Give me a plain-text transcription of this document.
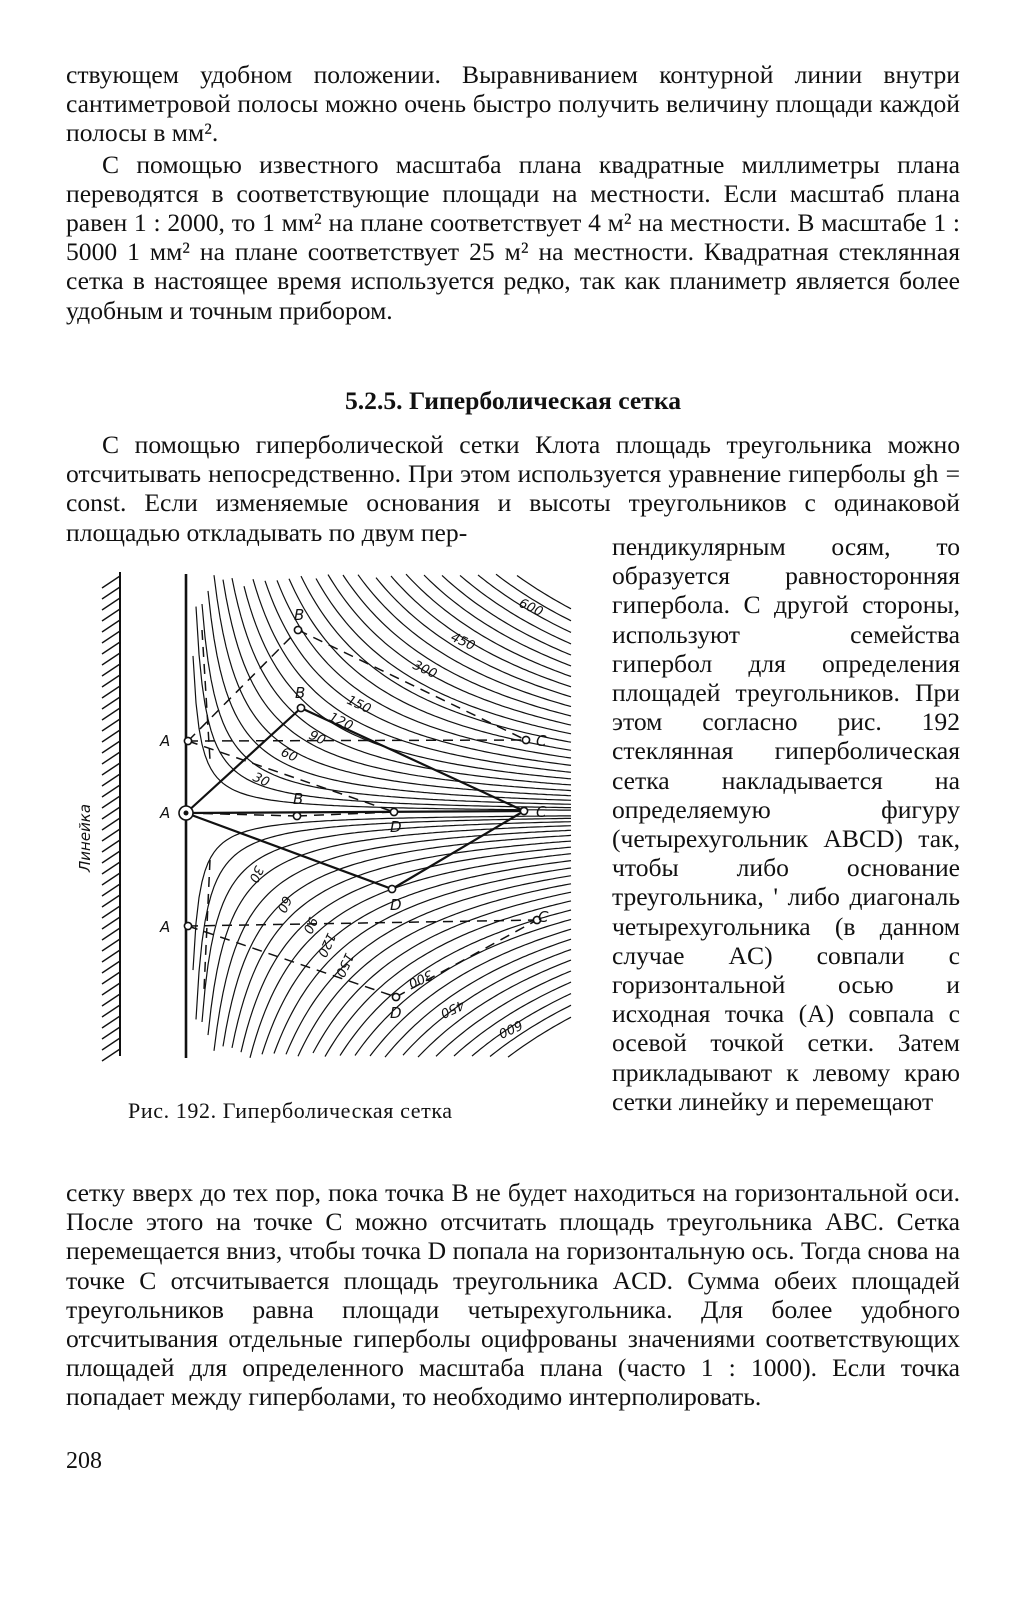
ствующем удобном положении. Выравниванием контурной линии внутри сантиметровой полосы можно очень быстро получить величину площади каждой полосы в мм².
С помощью известного масштаба плана квадратные миллиметры плана переводятся в соответствующие площади на местности. Если масштаб плана равен 1 : 2000, то 1 мм² на плане соответствует 4 м² на местности. В масштабе 1 : 5000 1 мм² на плане соответствует 25 м² на местности. Квадратная стеклянная сетка в настоящее время используется редко, так как планиметр является более удобным и точным прибором.
5.2.5. Гиперболическая сетка
С помощью гиперболической сетки Клота площадь треугольника можно отсчитывать непосредственно. При этом используется уравнение гиперболы gh = const. Если изменяемые основания и высоты треугольников с одинаковой площадью откладывать по двум пер-
Линейка
A
A
A
B
B
B
C
C
C
D
D
D
30
30
60
60
90
90
120
120
150
150
300
300
450
450
600
600
Рис. 192. Гиперболическая сетка
пендикулярным осям, то образуется равносторонняя гипербола. С другой стороны, используют семейства гипербол для определения площадей треугольников. При этом согласно рис. 192 стеклянная гиперболическая сетка накладывается на определяемую фигуру (четырехугольник ABCD) так, чтобы либо основание треугольника, ' либо диагональ четырехугольника (в данном случае AC) совпали с горизонтальной осью и исходная точка (A) совпала с осевой точкой сетки. Затем прикладывают к левому краю сетки линейку и перемещают
сетку вверх до тех пор, пока точка B не будет находиться на горизонтальной оси. После этого на точке C можно отсчитать площадь треугольника ABC. Сетка перемещается вниз, чтобы точка D попала на горизонтальную ось. Тогда снова на точке C отсчитывается площадь треугольника ACD. Сумма обеих площадей треугольников равна площади четырехугольника. Для более удобного отсчитывания отдельные гиперболы оцифрованы значениями соответствующих площадей для определенного масштаба плана (часто 1 : 1000). Если точка попадает между гиперболами, то необходимо интерполировать.
208
